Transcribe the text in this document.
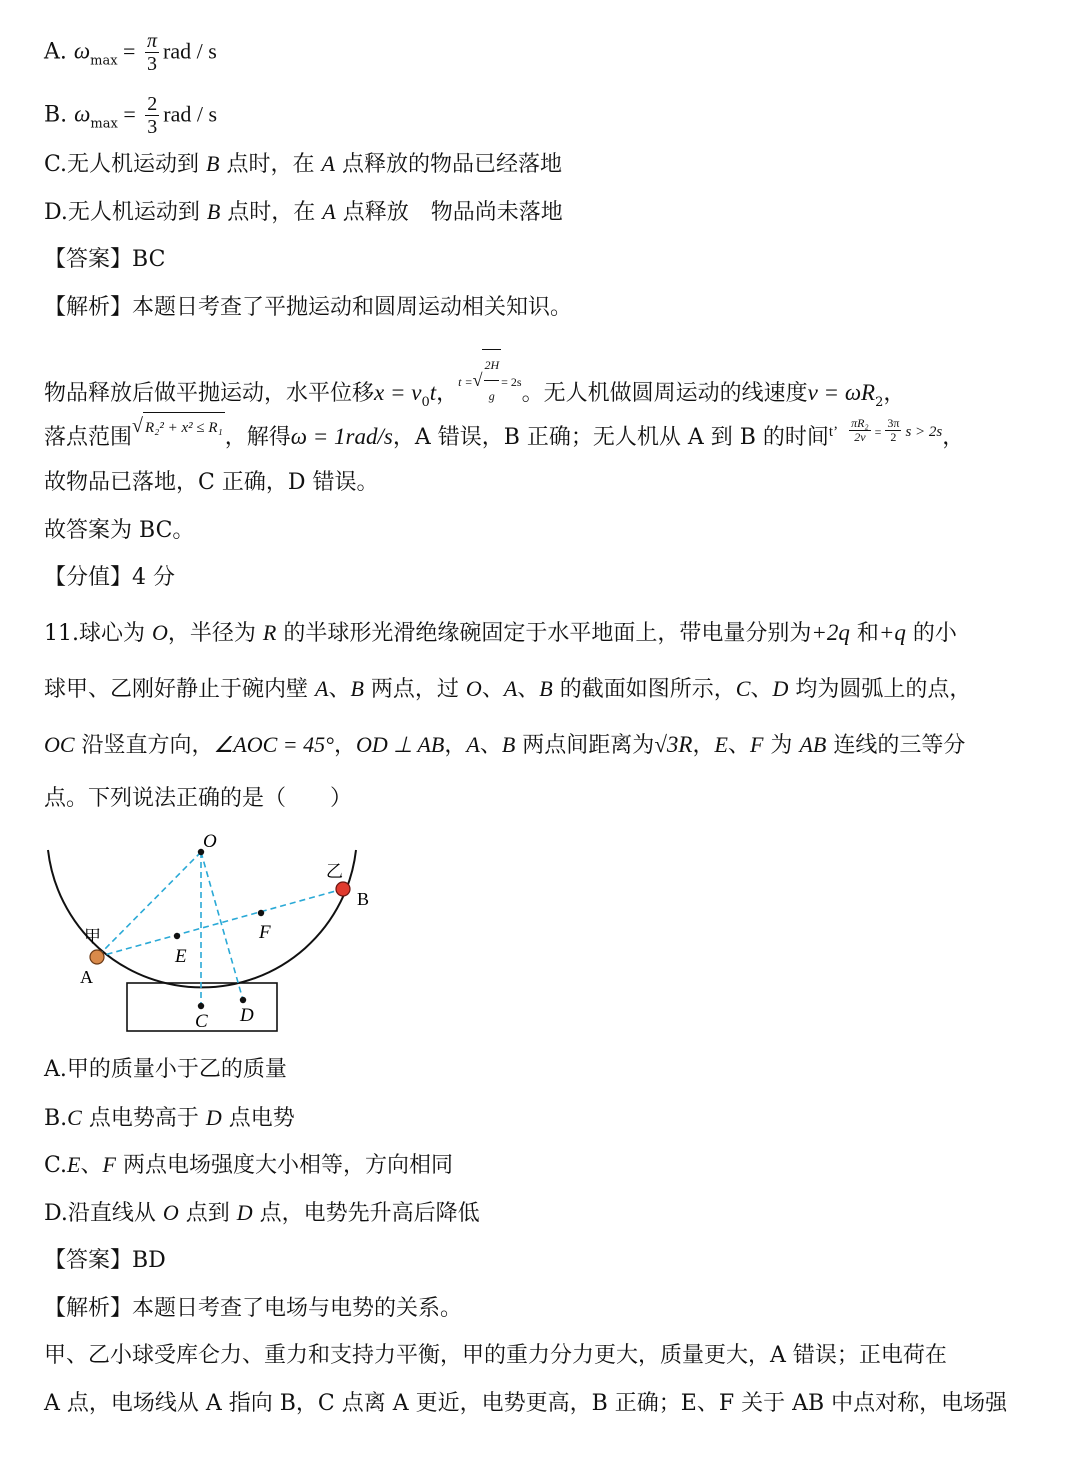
A. $\omega_{max} = \frac{\pi}{3}$ rad / s
B. $\omega_{max} = \frac{2}{3}$ rad / s
C.无人机运动到 B 点时，在 A 点释放的物品已经落地
D.无人机运动到 B 点时，在 A 点释放　物品尚未落地
【答案】BC
【解析】本题日考查了平抛运动和圆周运动相关知识。
物品释放后做平抛运动，水平位移$x = v_0t$，t =√ $\frac{2H}{g} = 2s$。无人机做圆周运动的线速度$v = \omega R_2$，
落点范围√ R₂² + x² ≤ R₁，解得ω = 1rad/s，A 错误，B 正确；无人机从 A 到 B 的时间t’ $\frac{\text{πR₂}}{2v} = \frac{3\pi}{2}$ s > 2s，
故物品已落地，C 正确，D 错误。
故答案为 BC。
【分值】4 分
11.球心为 O，半径为 R 的半球形光滑绝缘碗固定于水平地面上，带电量分别为+2q 和+q 的小
球甲、乙刚好静止于碗内壁 A、B 两点，过 O、A、B 的截面如图所示，C、D 均为圆弧上的点，
OC 沿竖直方向，∠AOC = 45°，OD ⊥ AB，A、B 两点间距离为√3R，E、F 为 AB 连线的三等分
点。下列说法正确的是（　　）
O
乙
B
甲
A
E
F
C D
A.甲的质量小于乙的质量
B.C 点电势高于 D 点电势
C.E、F 两点电场强度大小相等，方向相同
D.沿直线从 O 点到 D 点，电势先升高后降低
【答案】BD
【解析】本题日考查了电场与电势的关系。
甲、乙小球受库仑力、重力和支持力平衡，甲的重力分力更大，质量更大，A 错误；正电荷在
A 点，电场线从 A 指向 B，C 点离 A 更近，电势更高，B 正确；E、F 关于 AB 中点对称，电场强
